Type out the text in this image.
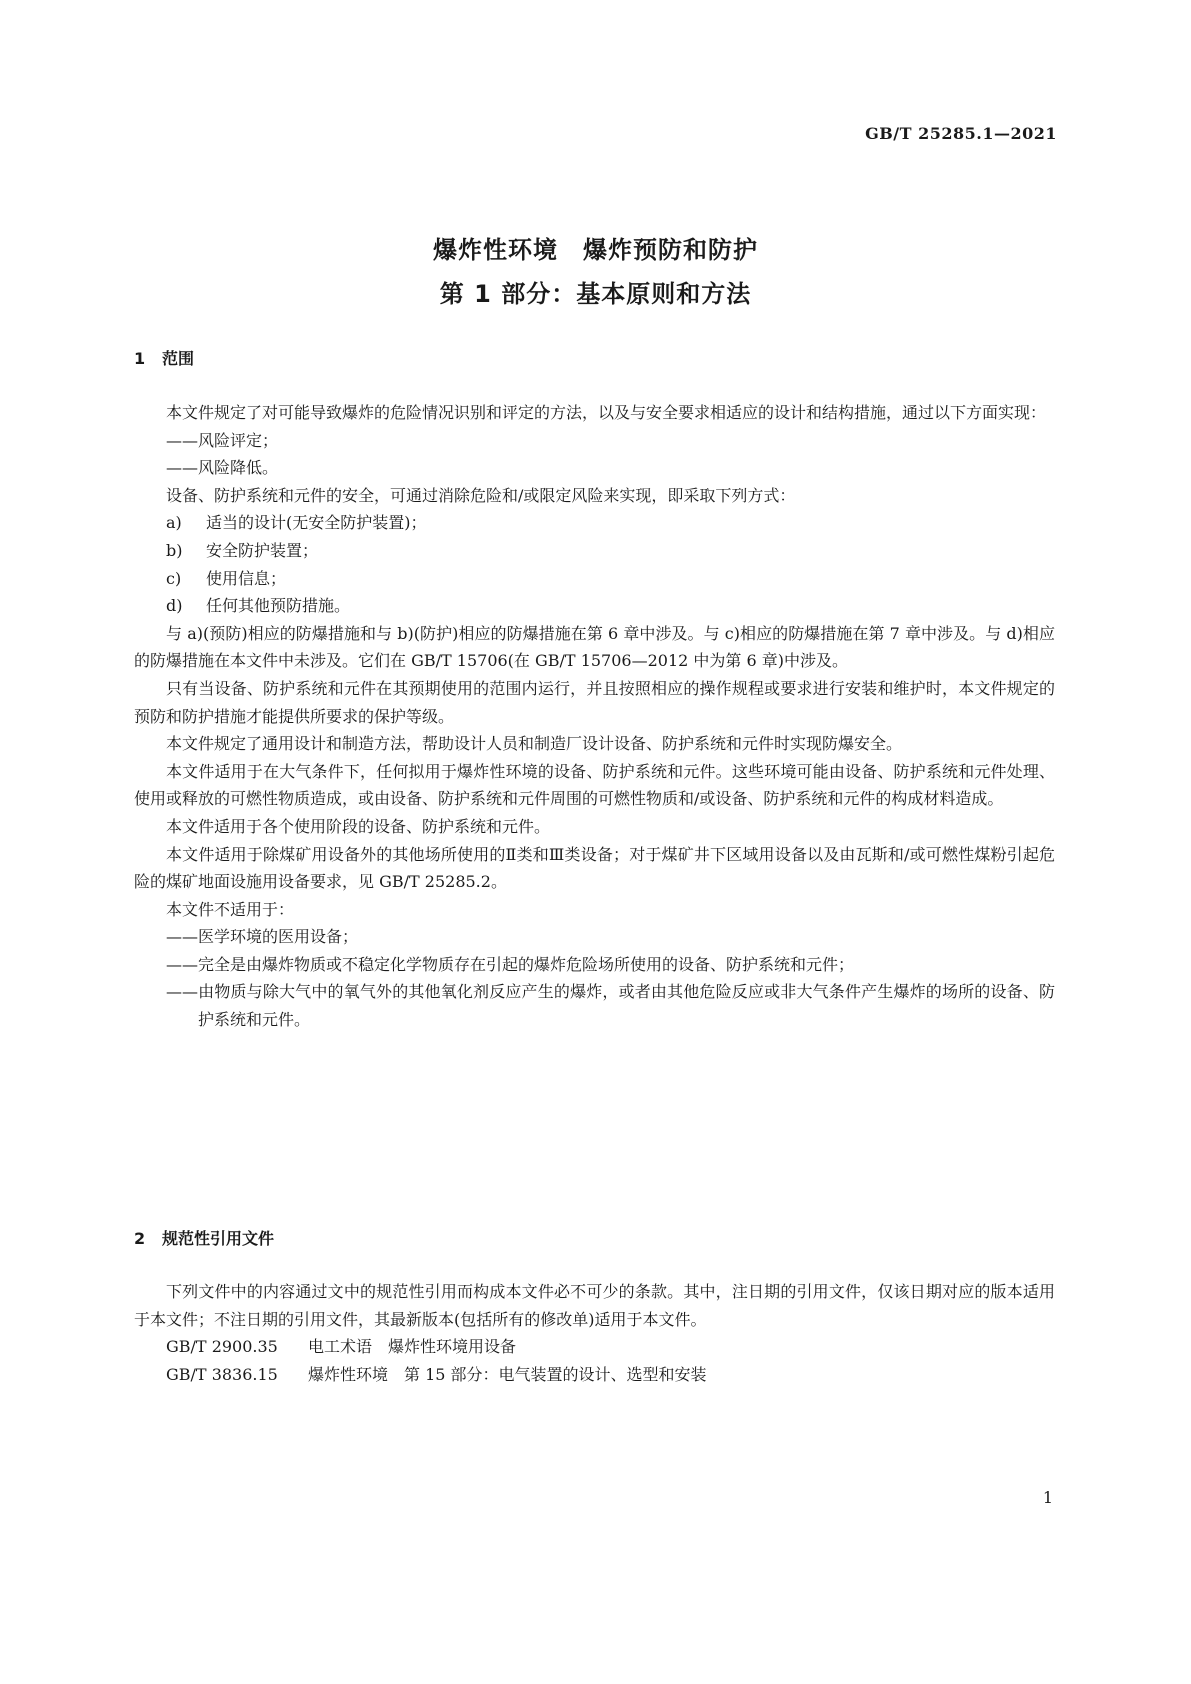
GB/T 25285.1—2021
爆炸性环境　爆炸预防和防护
第 1 部分：基本原则和方法
1 范围

本文件规定了对可能导致爆炸的危险情况识别和评定的方法，以及与安全要求相适应的设计和结构措施，通过以下方面实现：

——风险评定；

——风险降低。

设备、防护系统和元件的安全，可通过消除危险和/或限定风险来实现，即采取下列方式：

a) 适当的设计(无安全防护装置)；

b) 安全防护装置；

c) 使用信息；

d) 任何其他预防措施。

与 a)(预防)相应的防爆措施和与 b)(防护)相应的防爆措施在第 6 章中涉及。与 c)相应的防爆措施在第 7 章中涉及。与 d)相应的防爆措施在本文件中未涉及。它们在 GB/T 15706(在 GB/T 15706—2012 中为第 6 章)中涉及。

只有当设备、防护系统和元件在其预期使用的范围内运行，并且按照相应的操作规程或要求进行安装和维护时，本文件规定的预防和防护措施才能提供所要求的保护等级。

本文件规定了通用设计和制造方法，帮助设计人员和制造厂设计设备、防护系统和元件时实现防爆安全。

本文件适用于在大气条件下，任何拟用于爆炸性环境的设备、防护系统和元件。这些环境可能由设备、防护系统和元件处理、使用或释放的可燃性物质造成，或由设备、防护系统和元件周围的可燃性物质和/或设备、防护系统和元件的构成材料造成。

本文件适用于各个使用阶段的设备、防护系统和元件。

本文件适用于除煤矿用设备外的其他场所使用的Ⅱ类和Ⅲ类设备；对于煤矿井下区域用设备以及由瓦斯和/或可燃性煤粉引起危险的煤矿地面设施用设备要求，见 GB/T 25285.2。

本文件不适用于：

——医学环境的医用设备；

——完全是由爆炸物质或不稳定化学物质存在引起的爆炸危险场所使用的设备、防护系统和元件；

——由物质与除大气中的氧气外的其他氧化剂反应产生的爆炸，或者由其他危险反应或非大气条件产生爆炸的场所的设备、防护系统和元件。

2 规范性引用文件

下列文件中的内容通过文中的规范性引用而构成本文件必不可少的条款。其中，注日期的引用文件，仅该日期对应的版本适用于本文件；不注日期的引用文件，其最新版本(包括所有的修改单)适用于本文件。

GB/T 2900.35 电工术语　爆炸性环境用设备

GB/T 3836.15 爆炸性环境　第 15 部分：电气装置的设计、选型和安装

1
